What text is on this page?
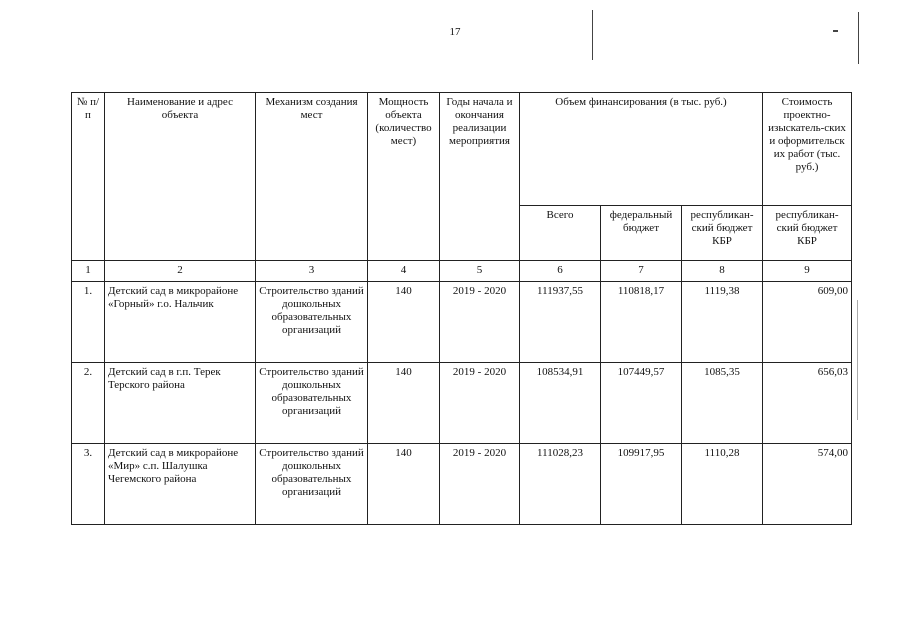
17
№ п/п	Наименование и адрес объекта	Механизм создания мест	Мощность объекта (количество мест)	Годы начала и окончания реализации мероприятия	Объем финансирования (в тыс. руб.)			Стоимость проектно-изыскатель-ских и оформительск их работ (тыс. руб.)
					Всего	федеральный бюджет	республикан-ский бюджет КБР	республикан-ский бюджет КБР
1	2	3	4	5	6	7	8	9
1.	Детский сад в микрорайоне «Горный» г.о. Нальчик	Строительство зданий дошкольных образовательных организаций	140	2019 - 2020	111937,55	110818,17	1119,38	609,00
2.	Детский сад в г.п. Терек Терского района	Строительство зданий дошкольных образовательных организаций	140	2019 - 2020	108534,91	107449,57	1085,35	656,03
3.	Детский сад в микрорайоне «Мир» с.п. Шалушка Чегемского района	Строительство зданий дошкольных образовательных организаций	140	2019 - 2020	111028,23	109917,95	1110,28	574,00
